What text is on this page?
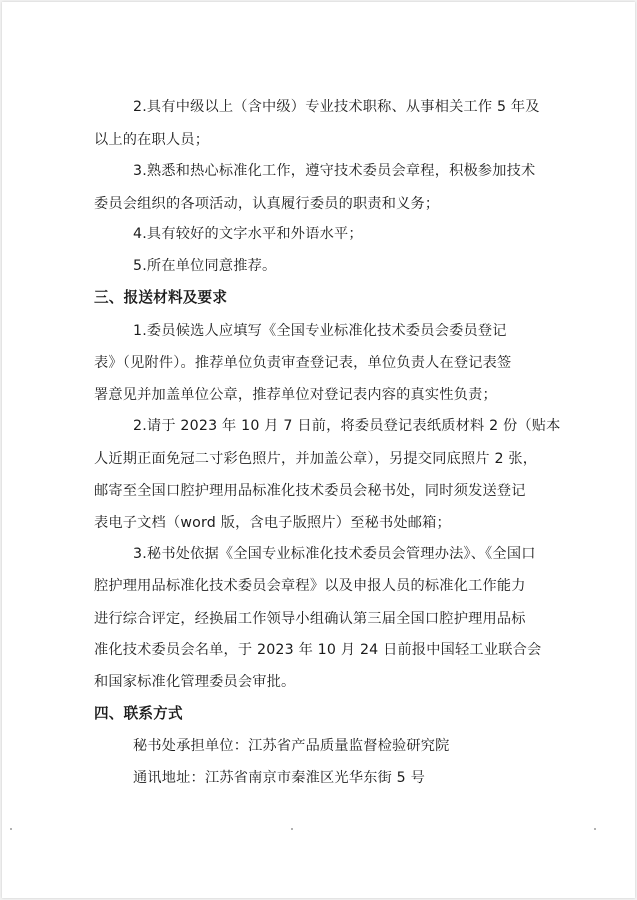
2.具有中级以上（含中级）专业技术职称、从事相关工作 5 年及
以上的在职人员；
3.熟悉和热心标准化工作，遵守技术委员会章程，积极参加技术
委员会组织的各项活动，认真履行委员的职责和义务；
4.具有较好的文字水平和外语水平；
5.所在单位同意推荐。
三、报送材料及要求
1.委员候选人应填写《全国专业标准化技术委员会委员登记
表》（见附件）。推荐单位负责审查登记表，单位负责人在登记表签
署意见并加盖单位公章，推荐单位对登记表内容的真实性负责；
2.请于 2023 年 10 月 7 日前，将委员登记表纸质材料 2 份（贴本
人近期正面免冠二寸彩色照片，并加盖公章），另提交同底照片 2 张，
邮寄至全国口腔护理用品标准化技术委员会秘书处，同时须发送登记
表电子文档（word 版，含电子版照片）至秘书处邮箱；
3.秘书处依据《全国专业标准化技术委员会管理办法》、《全国口
腔护理用品标准化技术委员会章程》以及申报人员的标准化工作能力
进行综合评定，经换届工作领导小组确认第三届全国口腔护理用品标
准化技术委员会名单，于 2023 年 10 月 24 日前报中国轻工业联合会
和国家标准化管理委员会审批。
四、联系方式
秘书处承担单位：江苏省产品质量监督检验研究院
通讯地址：江苏省南京市秦淮区光华东街 5 号
